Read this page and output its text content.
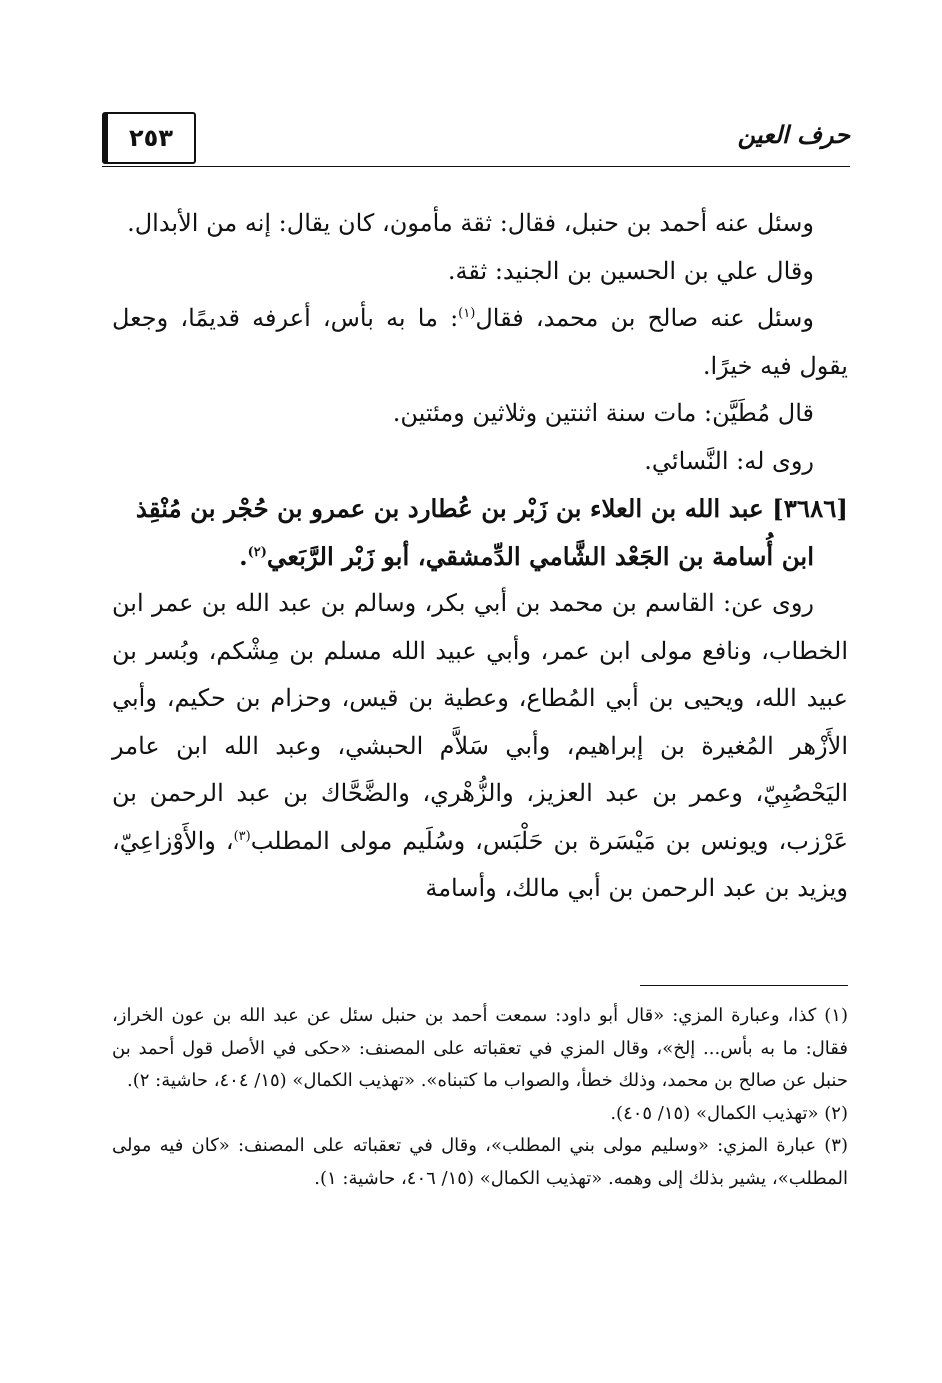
٢٥٣	حرف العين

وسئل عنه أحمد بن حنبل، فقال: ثقة مأمون، كان يقال: إنه من الأبدال.

وقال علي بن الحسين بن الجنيد: ثقة.

وسئل عنه صالح بن محمد، فقال$^{(١)}$: ما به بأس، أعرفه قديمًا، وجعل يقول فيه خيرًا.

قال مُطَيَّن: مات سنة اثنتين وثلاثين ومئتين.

روى له: النَّسائي.

[٣٦٨٦] عبد الله بن العلاء بن زَبْر بن عُطارد بن عمرو بن حُجْر بن مُنْقِذ
ابن أُسامة بن الجَعْد الشَّامي الدِّمشقي، أبو زَبْر الرَّبَعي$^{(٢)}$.

روى عن: القاسم بن محمد بن أبي بكر، وسالم بن عبد الله بن عمر ابن الخطاب، ونافع مولى ابن عمر، وأبي عبيد الله مسلم بن مِشْكم، وبُسر بن عبيد الله، ويحيى بن أبي المُطاع، وعطية بن قيس، وحزام بن حكيم، وأبي الأَزْهر المُغيرة بن إبراهيم، وأبي سَلاَّم الحبشي، وعبد الله ابن عامر اليَحْصُبِيّ، وعمر بن عبد العزيز، والزُّهْري، والضَّحَّاك بن عبد الرحمن بن عَرْزب، ويونس بن مَيْسَرة بن حَلْبَس، وسُلَيم مولى المطلب$^{(٣)}$، والأَوْزاعِيّ، ويزيد بن عبد الرحمن بن أبي مالك، وأسامة

(١) كذا، وعبارة المزي: «قال أبو داود: سمعت أحمد بن حنبل سئل عن عبد الله بن عون الخراز، فقال: ما به بأس... إلخ»، وقال المزي في تعقباته على المصنف: «حكى في الأصل قول أحمد بن حنبل عن صالح بن محمد، وذلك خطأ، والصواب ما كتبناه». «تهذيب الكمال» (١٥/ ٤٠٤، حاشية: ٢).

(٢) «تهذيب الكمال» (١٥/ ٤٠٥).

(٣) عبارة المزي: «وسليم مولى بني المطلب»، وقال في تعقباته على المصنف: «كان فيه مولى المطلب»، يشير بذلك إلى وهمه. «تهذيب الكمال» (١٥/ ٤٠٦، حاشية: ١).
